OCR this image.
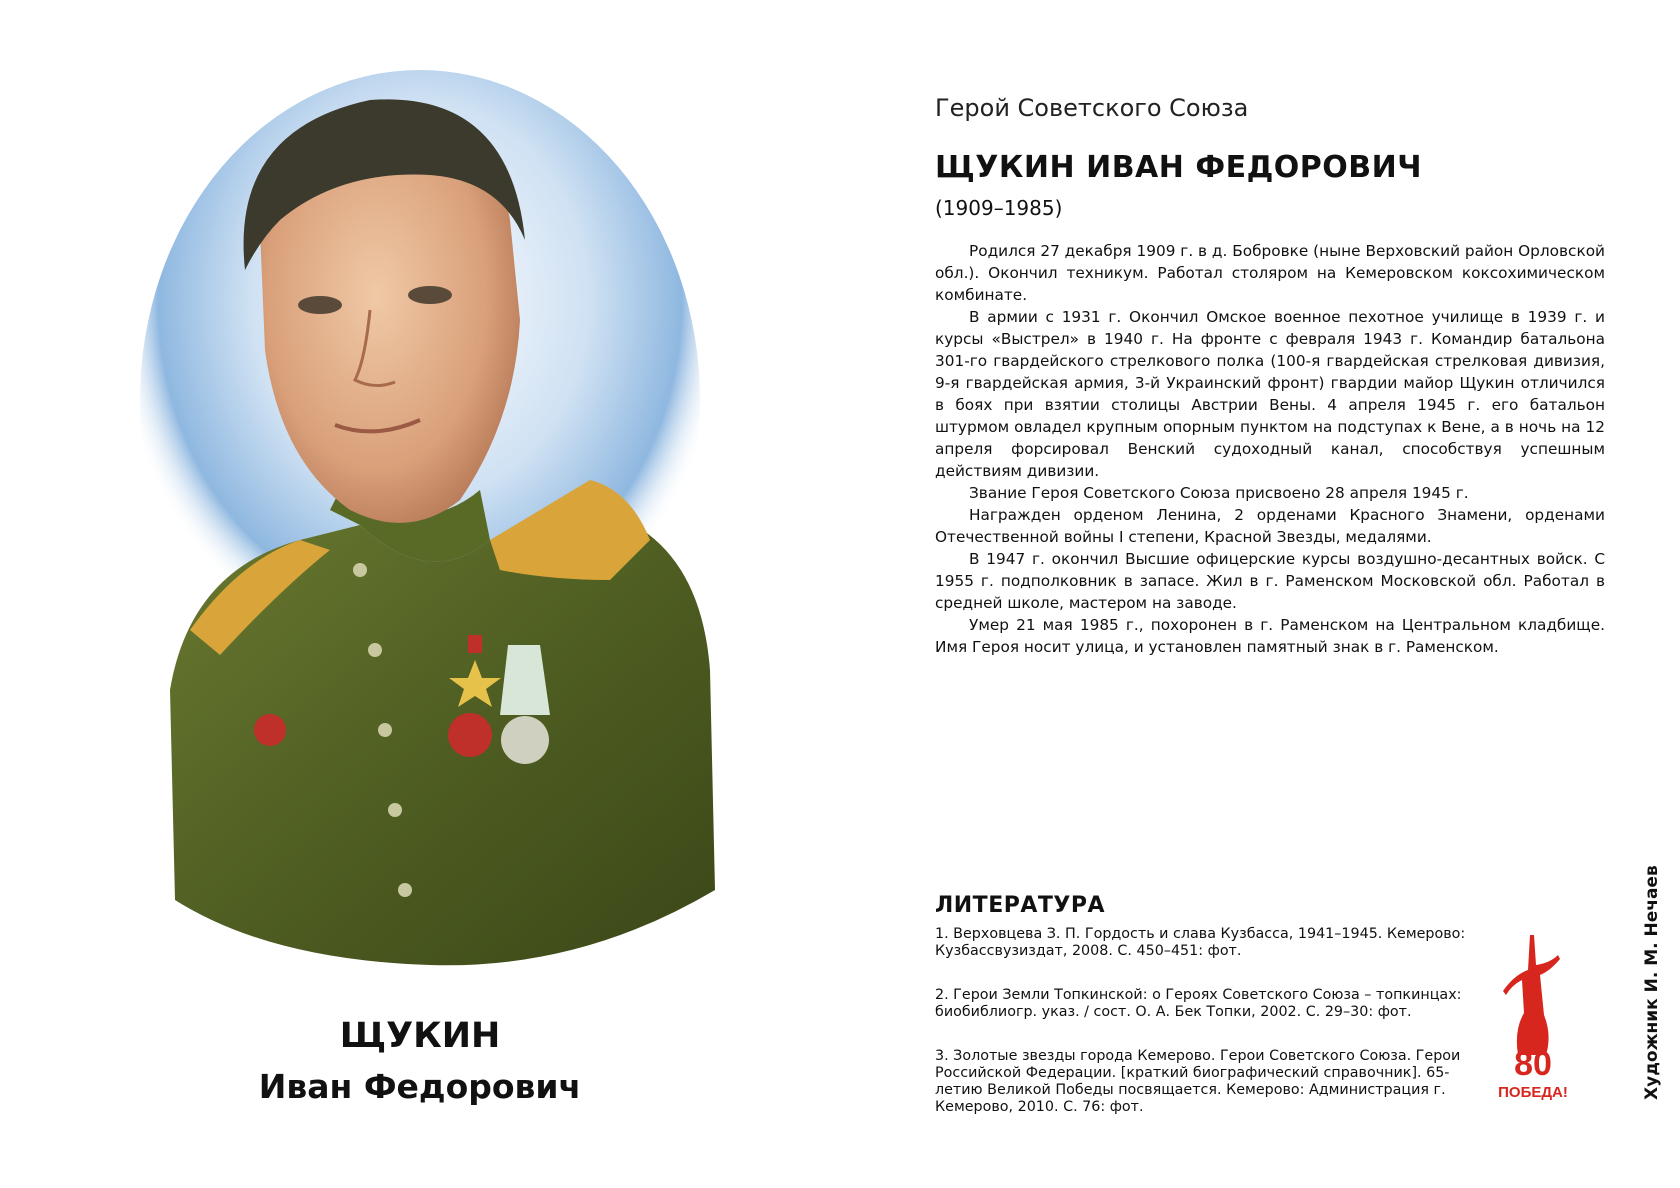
ЩУКИН
Иван Федорович
Герой Советского Союза
ЩУКИН ИВАН ФЕДОРОВИЧ
(1909–1985)

Родился 27 декабря 1909 г. в д. Бобровке (ныне Верховский район Орловской обл.). Окончил техникум. Работал столяром на Кемеровском коксохимическом комбинате.

В армии с 1931 г. Окончил Омское военное пехотное училище в 1939 г. и курсы «Выстрел» в 1940 г. На фронте с февраля 1943 г. Командир батальона 301-го гвардейского стрелкового полка (100-я гвардейская стрелковая дивизия, 9-я гвардейская армия, 3-й Украинский фронт) гвардии майор Щукин отличился в боях при взятии столицы Австрии Вены. 4 апреля 1945 г. его батальон штурмом овладел крупным опорным пунктом на подступах к Вене, а в ночь на 12 апреля форсировал Венский судоходный канал, способствуя успешным действиям дивизии.

Звание Героя Советского Союза присвоено 28 апреля 1945 г.

Награжден орденом Ленина, 2 орденами Красного Знамени, орденами Отечественной войны I степени, Красной Звезды, медалями.

В 1947 г. окончил Высшие офицерские курсы воздушно-десантных войск. С 1955 г. подполковник в запасе. Жил в г. Раменском Московской обл. Работал в средней школе, мастером на заводе.

Умер 21 мая 1985 г., похоронен в г. Раменском на Центральном кладбище. Имя Героя носит улица, и установлен памятный знак в г. Раменском.

ЛИТЕРАТУРА

1. Верховцева З. П. Гордость и слава Кузбасса, 1941–1945. Кемерово: Кузбассвузиздат, 2008. С. 450–451: фот.

2. Герои Земли Топкинской: о Героях Советского Союза – топкинцах: биобиблиогр. указ. / сост. О. А. Бек Топки, 2002. С. 29–30: фот.

3. Золотые звезды города Кемерово. Герои Советского Союза. Герои Российской Федерации. [краткий биографический справочник]. 65-летию Великой Победы посвящается. Кемерово: Администрация г. Кемерово, 2010. С. 76: фот.

80
ПОБЕДА!	Художник И. М. Нечаев
